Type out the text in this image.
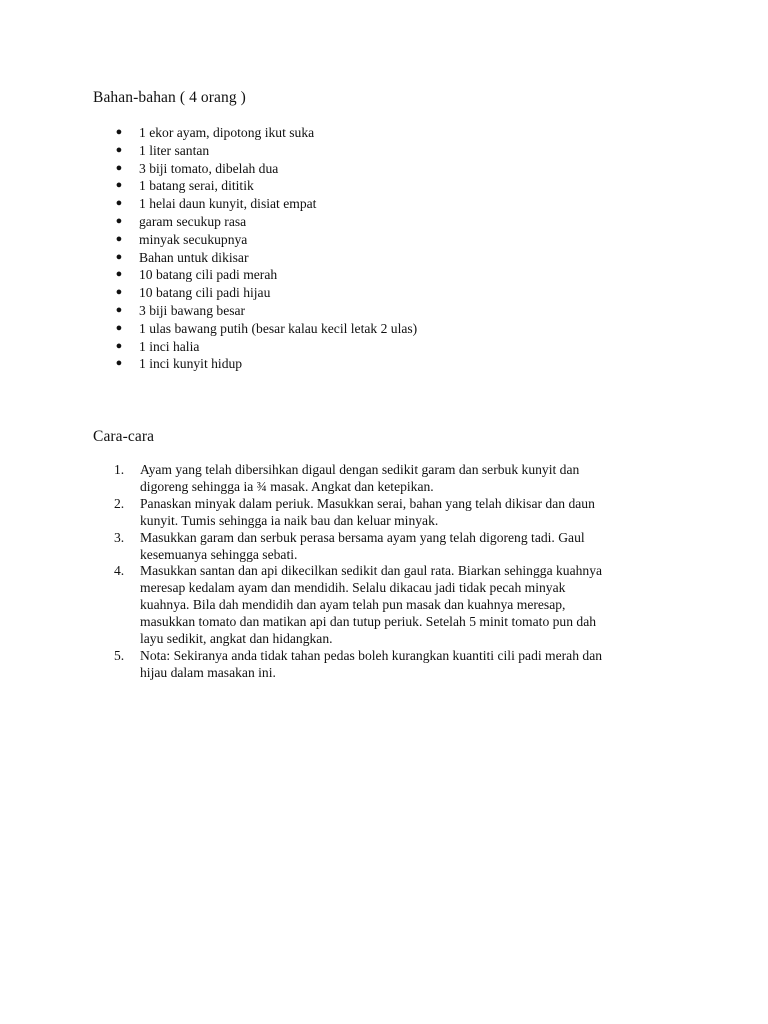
Bahan-bahan ( 4 orang )
● 1 ekor ayam, dipotong ikut suka
● 1 liter santan
● 3 biji tomato, dibelah dua
● 1 batang serai, dititik
● 1 helai daun kunyit, disiat empat
● garam secukup rasa
● minyak secukupnya
● Bahan untuk dikisar
● 10 batang cili padi merah
● 10 batang cili padi hijau
● 3 biji bawang besar
● 1 ulas bawang putih (besar kalau kecil letak 2 ulas)
● 1 inci halia
● 1 inci kunyit hidup
Cara-cara
1. Ayam yang telah dibersihkan digaul dengan sedikit garam dan serbuk kunyit dan
digoreng sehingga ia ¾ masak. Angkat dan ketepikan.
2. Panaskan minyak dalam periuk. Masukkan serai, bahan yang telah dikisar dan daun
kunyit. Tumis sehingga ia naik bau dan keluar minyak.
3. Masukkan garam dan serbuk perasa bersama ayam yang telah digoreng tadi. Gaul
kesemuanya sehingga sebati.
4. Masukkan santan dan api dikecilkan sedikit dan gaul rata. Biarkan sehingga kuahnya
meresap kedalam ayam dan mendidih. Selalu dikacau jadi tidak pecah minyak
kuahnya. Bila dah mendidih dan ayam telah pun masak dan kuahnya meresap,
masukkan tomato dan matikan api dan tutup periuk. Setelah 5 minit tomato pun dah
layu sedikit, angkat dan hidangkan.
5. Nota: Sekiranya anda tidak tahan pedas boleh kurangkan kuantiti cili padi merah dan
hijau dalam masakan ini.
